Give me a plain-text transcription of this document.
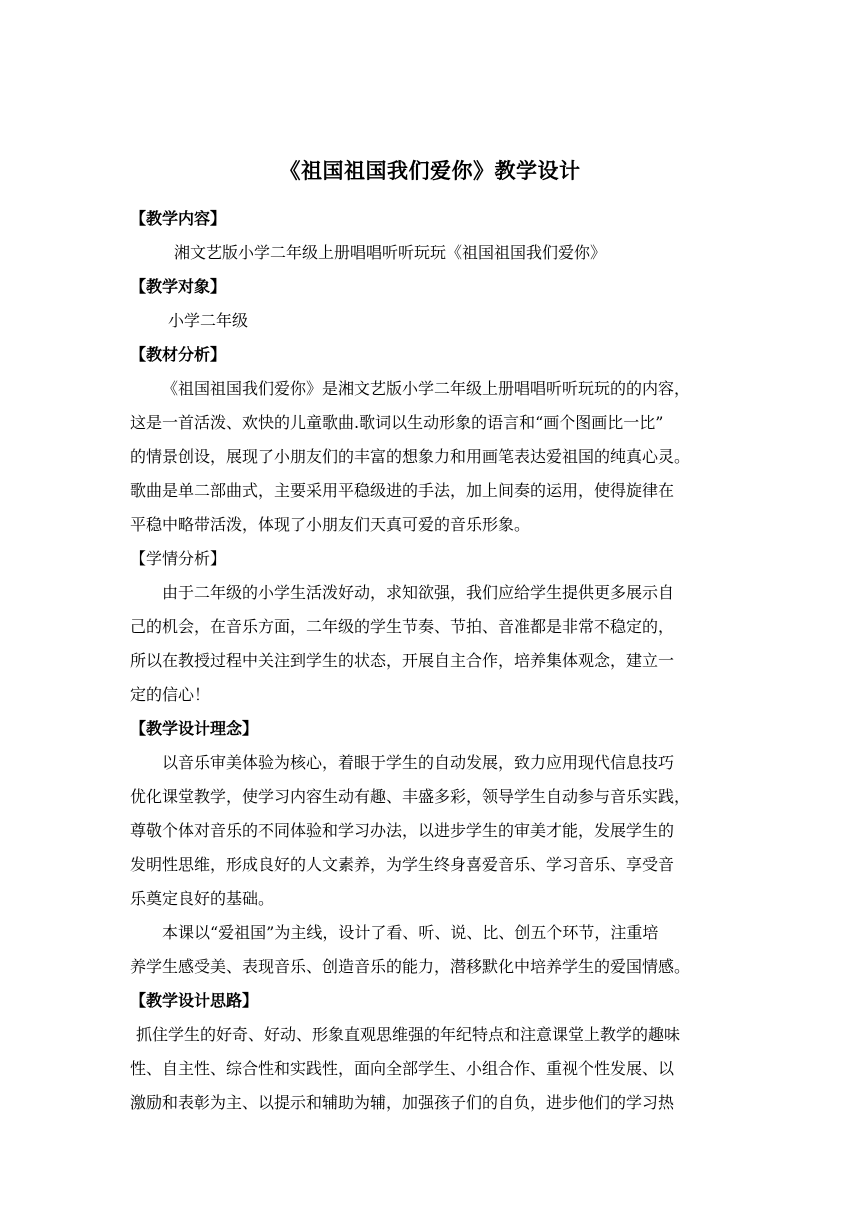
《祖国祖国我们爱你》教学设计
【教学内容】
湘文艺版小学二年级上册唱唱听听玩玩《祖国祖国我们爱你》
【教学对象】
小学二年级
【教材分析】
《祖国祖国我们爱你》是湘文艺版小学二年级上册唱唱听听玩玩的的内容，
这是一首活泼、欢快的儿童歌曲.歌词以生动形象的语言和“画个图画比一比”
的情景创设，展现了小朋友们的丰富的想象力和用画笔表达爱祖国的纯真心灵。
歌曲是单二部曲式，主要采用平稳级进的手法，加上间奏的运用，使得旋律在
平稳中略带活泼，体现了小朋友们天真可爱的音乐形象。
【学情分析】
由于二年级的小学生活泼好动，求知欲强，我们应给学生提供更多展示自
己的机会，在音乐方面，二年级的学生节奏、节拍、音准都是非常不稳定的，
所以在教授过程中关注到学生的状态，开展自主合作，培养集体观念，建立一
定的信心！
【教学设计理念】
以音乐审美体验为核心，着眼于学生的自动发展，致力应用现代信息技巧
优化课堂教学，使学习内容生动有趣、丰盛多彩，领导学生自动参与音乐实践，
尊敬个体对音乐的不同体验和学习办法，以进步学生的审美才能，发展学生的
发明性思维，形成良好的人文素养，为学生终身喜爱音乐、学习音乐、享受音
乐奠定良好的基础。
本课以“爱祖国”为主线，设计了看、听、说、比、创五个环节，注重培
养学生感受美、表现音乐、创造音乐的能力，潜移默化中培养学生的爱国情感。
【教学设计思路】
抓住学生的好奇、好动、形象直观思维强的年纪特点和注意课堂上教学的趣味
性、自主性、综合性和实践性，面向全部学生、小组合作、重视个性发展、以
激励和表彰为主、以提示和辅助为辅，加强孩子们的自负，进步他们的学习热
